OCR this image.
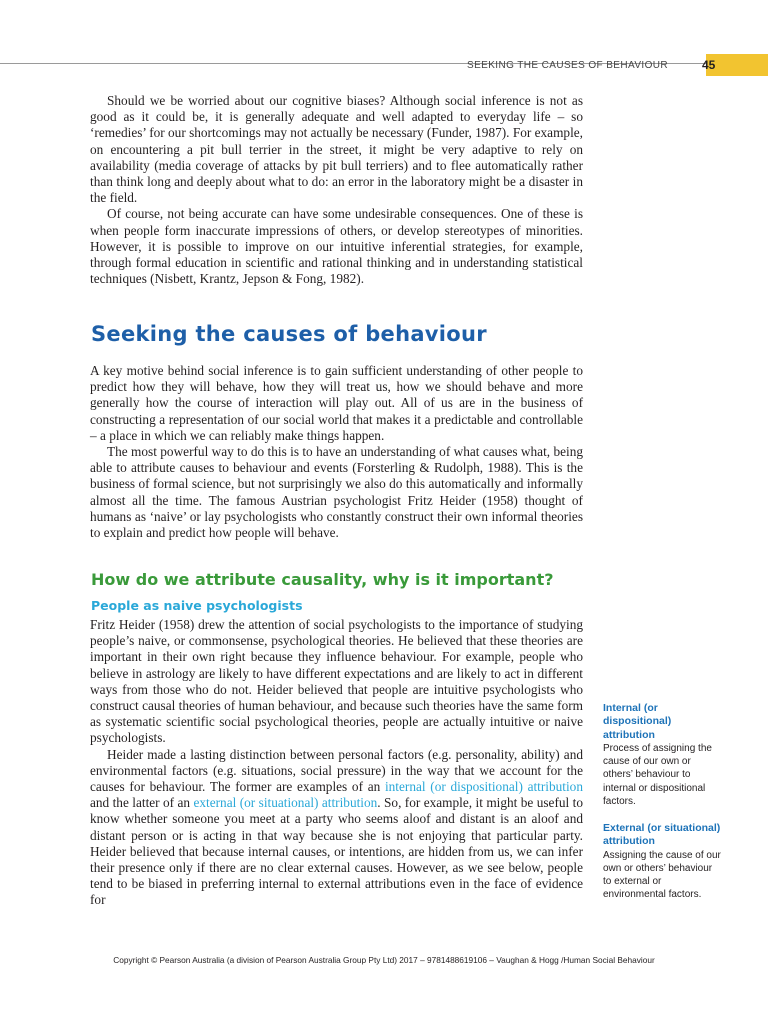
SEEKING THE CAUSES OF BEHAVIOUR	45

Should we be worried about our cognitive biases? Although social inference is not as good as it could be, it is generally adequate and well adapted to everyday life – so ‘remedies’ for our shortcomings may not actually be necessary (Funder, 1987). For example, on encountering a pit bull terrier in the street, it might be very adaptive to rely on availability (media coverage of attacks by pit bull terriers) and to flee automatically rather than think long and deeply about what to do: an error in the laboratory might be a disaster in the field.

Of course, not being accurate can have some undesirable consequences. One of these is when people form inaccurate impressions of others, or develop stereotypes of minorities. However, it is possible to improve on our intuitive inferential strategies, for example, through formal education in scientific and rational thinking and in understanding statistical techniques (Nisbett, Krantz, Jepson & Fong, 1982).

Seeking the causes of behaviour

A key motive behind social inference is to gain sufficient understanding of other people to predict how they will behave, how they will treat us, how we should behave and more generally how the course of interaction will play out. All of us are in the business of constructing a representation of our social world that makes it a predictable and controllable – a place in which we can reliably make things happen.

The most powerful way to do this is to have an understanding of what causes what, being able to attribute causes to behaviour and events (Forsterling & Rudolph, 1988). This is the business of formal science, but not surprisingly we also do this automatically and informally almost all the time. The famous Austrian psychologist Fritz Heider (1958) thought of humans as ‘naive’ or lay psychologists who constantly construct their own informal theories to explain and predict how people will behave.

How do we attribute causality, why is it important?
People as naive psychologists

Fritz Heider (1958) drew the attention of social psychologists to the importance of studying people’s naive, or commonsense, psychological theories. He believed that these theories are important in their own right because they influence behaviour. For example, people who believe in astrology are likely to have different expectations and are likely to act in different ways from those who do not. Heider believed that people are intuitive psychologists who construct causal theories of human behaviour, and because such theories have the same form as systematic scientific social psychological theories, people are actually intuitive or naive psychologists.

Heider made a lasting distinction between personal factors (e.g. personality, ability) and environmental factors (e.g. situations, social pressure) in the way that we account for the causes for behaviour. The former are examples of an internal (or dispositional) attribution and the latter of an external (or situational) attribution. So, for example, it might be useful to know whether someone you meet at a party who seems aloof and distant is an aloof and distant person or is acting in that way because she is not enjoying that particular party. Heider believed that because internal causes, or intentions, are hidden from us, we can infer their presence only if there are no clear external causes. However, as we see below, people tend to be biased in preferring internal to external attributions even in the face of evidence for

Internal (or dispositional) attribution
Process of assigning the cause of our own or others’ behaviour to internal or dispositional factors.
External (or situational) attribution
Assigning the cause of our own or others’ behaviour to external or environmental factors.
Copyright © Pearson Australia (a division of Pearson Australia Group Pty Ltd) 2017 – 9781488619106 – Vaughan & Hogg /Human Social Behaviour
